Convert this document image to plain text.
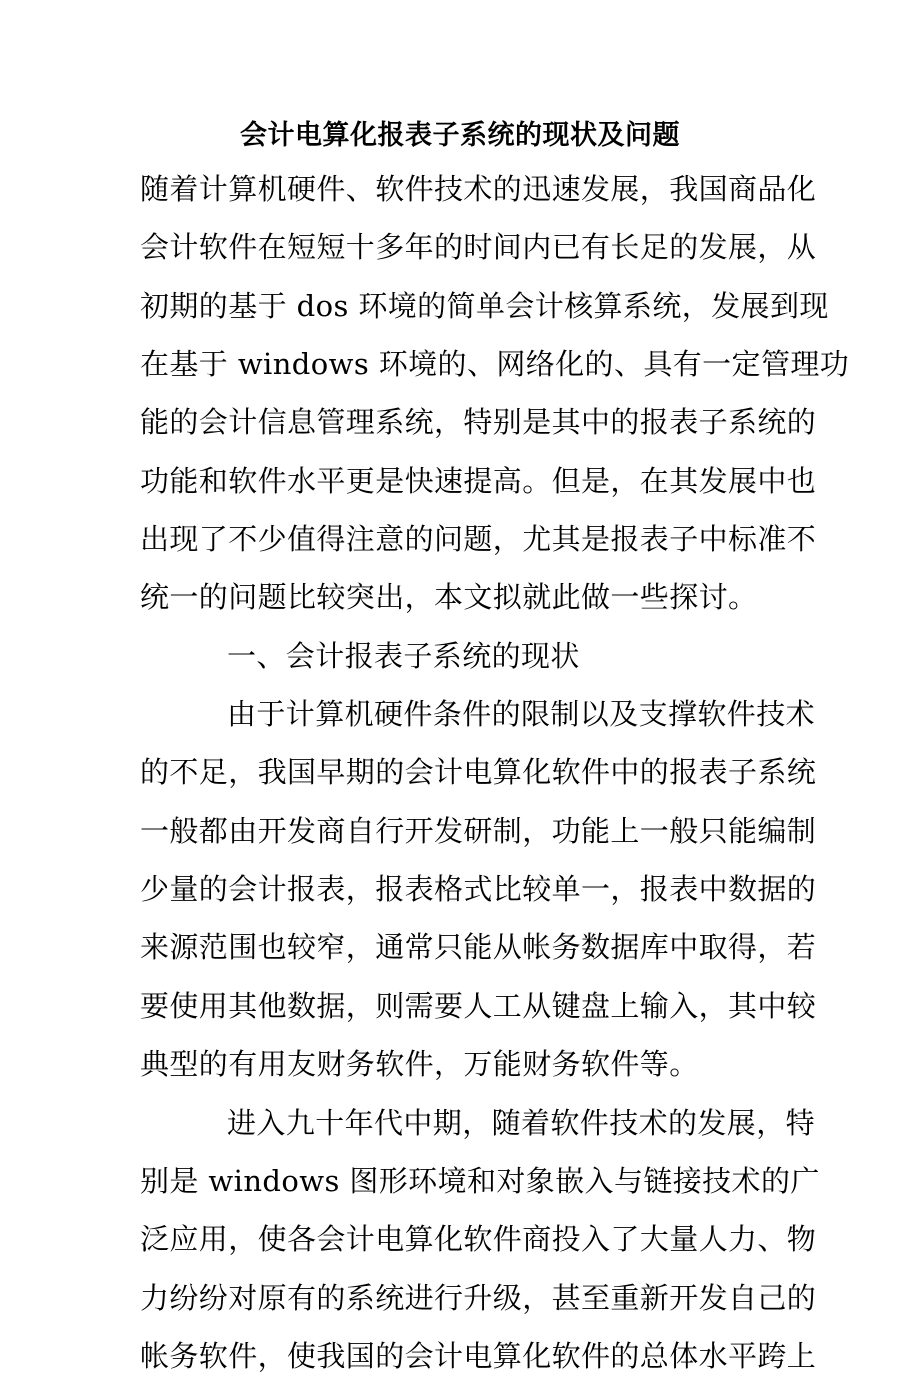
会计电算化报表子系统的现状及问题
随着计算机硬件、软件技术的迅速发展，我国商品化
会计软件在短短十多年的时间内已有长足的发展，从
初期的基于 dos 环境的简单会计核算系统，发展到现
在基于 windows 环境的、网络化的、具有一定管理功
能的会计信息管理系统，特别是其中的报表子系统的
功能和软件水平更是快速提高。但是，在其发展中也
出现了不少值得注意的问题，尤其是报表子中标准不
统一的问题比较突出，本文拟就此做一些探讨。
一、会计报表子系统的现状
由于计算机硬件条件的限制以及支撑软件技术
的不足，我国早期的会计电算化软件中的报表子系统
一般都由开发商自行开发研制，功能上一般只能编制
少量的会计报表，报表格式比较单一，报表中数据的
来源范围也较窄，通常只能从帐务数据库中取得，若
要使用其他数据，则需要人工从键盘上输入，其中较
典型的有用友财务软件，万能财务软件等。
进入九十年代中期，随着软件技术的发展，特
别是 windows 图形环境和对象嵌入与链接技术的广
泛应用，使各会计电算化软件商投入了大量人力、物
力纷纷对原有的系统进行升级，甚至重新开发自己的
帐务软件，使我国的会计电算化软件的总体水平跨上
